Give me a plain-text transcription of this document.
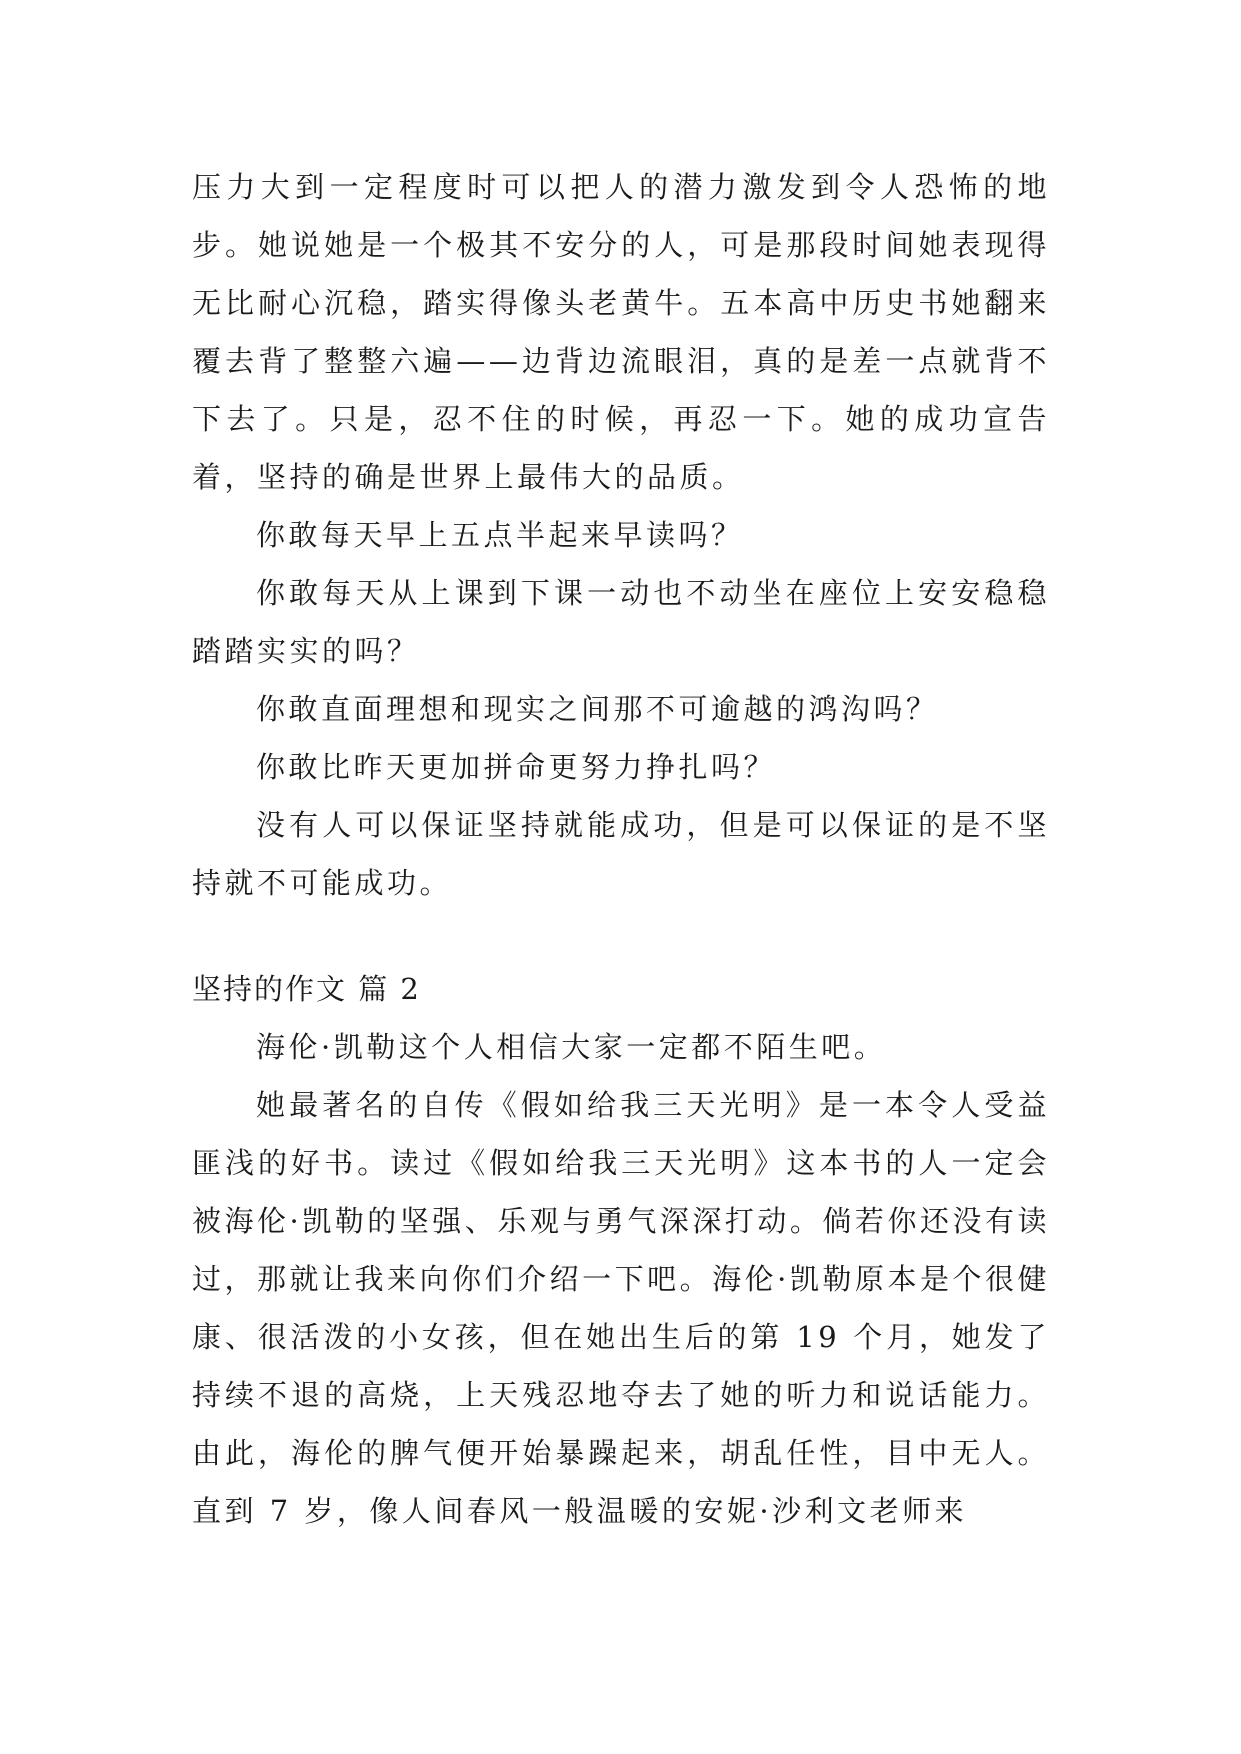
压力大到一定程度时可以把人的潜力激发到令人恐怖的地步。她说她是一个极其不安分的人，可是那段时间她表现得无比耐心沉稳，踏实得像头老黄牛。五本高中历史书她翻来覆去背了整整六遍——边背边流眼泪，真的是差一点就背不下去了。只是，忍不住的时候，再忍一下。她的成功宣告着，坚持的确是世界上最伟大的品质。

你敢每天早上五点半起来早读吗？

你敢每天从上课到下课一动也不动坐在座位上安安稳稳踏踏实实的吗？

你敢直面理想和现实之间那不可逾越的鸿沟吗？

你敢比昨天更加拼命更努力挣扎吗？

没有人可以保证坚持就能成功，但是可以保证的是不坚持就不可能成功。

坚持的作文 篇 2

海伦·凯勒这个人相信大家一定都不陌生吧。

她最著名的自传《假如给我三天光明》是一本令人受益匪浅的好书。读过《假如给我三天光明》这本书的人一定会被海伦·凯勒的坚强、乐观与勇气深深打动。倘若你还没有读过，那就让我来向你们介绍一下吧。海伦·凯勒原本是个很健康、很活泼的小女孩，但在她出生后的第 19 个月，她发了持续不退的高烧，上天残忍地夺去了她的听力和说话能力。由此，海伦的脾气便开始暴躁起来，胡乱任性，目中无人。直到 7 岁，像人间春风一般温暖的安妮·沙利文老师来
